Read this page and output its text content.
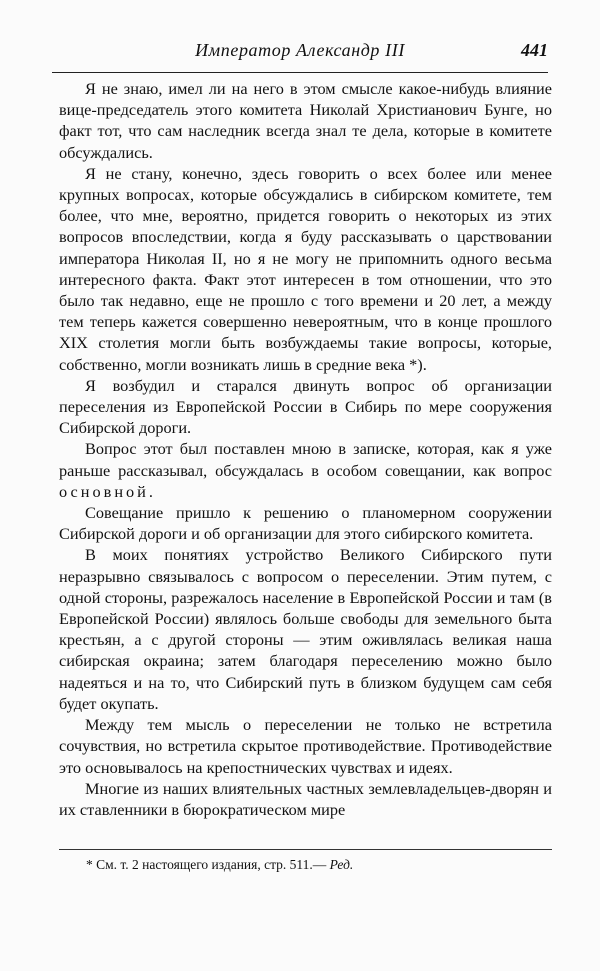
Император Александр III	441

Я не знаю, имел ли на него в этом смысле какое-нибудь влияние вице-председатель этого комитета Николай Христианович Бунге, но факт тот, что сам наследник всегда знал те дела, которые в комитете обсуждались.

Я не стану, конечно, здесь говорить о всех более или менее крупных вопросах, которые обсуждались в сибирском комитете, тем более, что мне, вероятно, придется говорить о некоторых из этих вопросов впоследствии, когда я буду рассказывать о царствовании императора Николая II, но я не могу не припомнить одного весьма интересного факта. Факт этот интересен в том отношении, что это было так недавно, еще не прошло с того времени и 20 лет, а между тем теперь кажется совершенно невероятным, что в конце прошлого XIX столетия могли быть возбуждаемы такие вопросы, которые, собственно, могли возникать лишь в средние века *).

Я возбудил и старался двинуть вопрос об организации переселения из Европейской России в Сибирь по мере сооружения Сибирской дороги.

Вопрос этот был поставлен мною в записке, которая, как я уже раньше рассказывал, обсуждалась в особом совещании, как вопрос основной.

Совещание пришло к решению о планомерном сооружении Сибирской дороги и об организации для этого сибирского комитета.

В моих понятиях устройство Великого Сибирского пути неразрывно связывалось с вопросом о переселении. Этим путем, с одной стороны, разрежалось население в Европейской России и там (в Европейской России) являлось больше свободы для земельного быта крестьян, а с другой стороны — этим оживлялась великая наша сибирская окраина; затем благодаря переселению можно было надеяться и на то, что Сибирский путь в близком будущем сам себя будет окупать.

Между тем мысль о переселении не только не встретила сочувствия, но встретила скрытое противодействие. Противодействие это основывалось на крепостнических чувствах и идеях.

Многие из наших влиятельных частных землевладельцев-дворян и их ставленники в бюрократическом мире

* См. т. 2 настоящего издания, стр. 511.— Ред.
